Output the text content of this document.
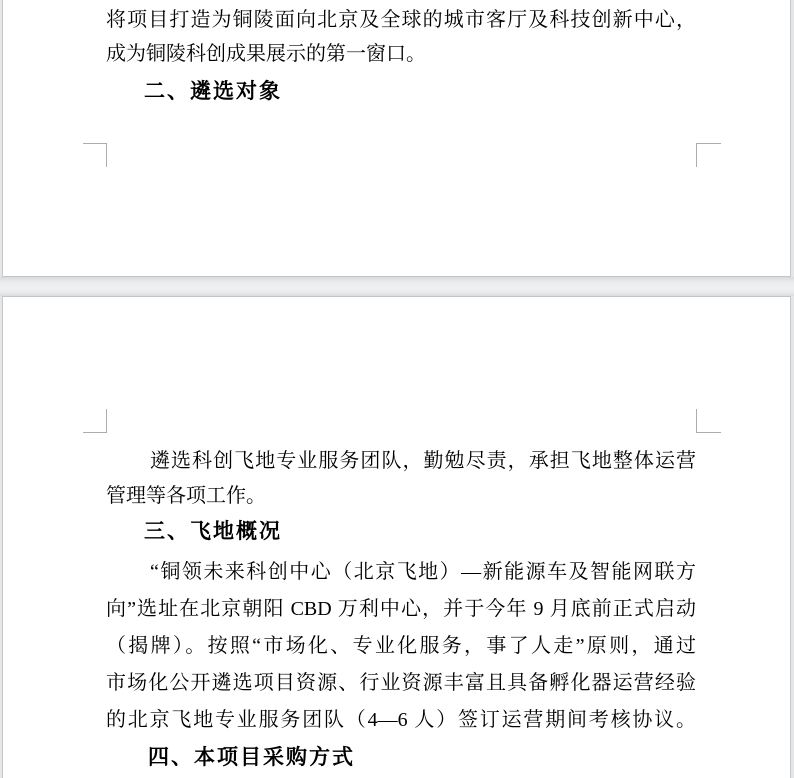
将项目打造为铜陵面向北京及全球的城市客厅及科技创新中心，
成为铜陵科创成果展示的第一窗口。
二、遴选对象
遴选科创飞地专业服务团队，勤勉尽责，承担飞地整体运营
管理等各项工作。
三、飞地概况
“铜领未来科创中心（北京飞地）—新能源车及智能网联方
向”选址在北京朝阳 CBD 万利中心，并于今年 9 月底前正式启动
（揭牌）。按照“市场化、专业化服务，事了人走”原则，通过
市场化公开遴选项目资源、行业资源丰富且具备孵化器运营经验
的北京飞地专业服务团队（4—6 人）签订运营期间考核协议。
四、本项目采购方式
